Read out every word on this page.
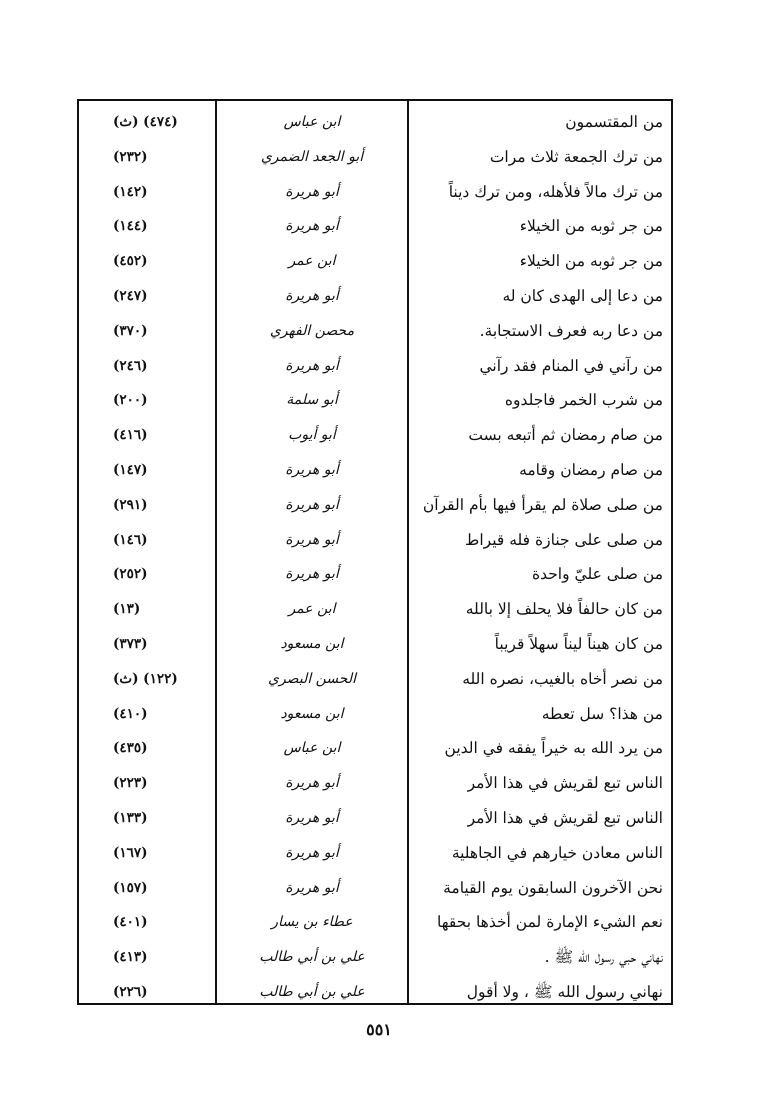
من المقتسمون
ابن عباس
(٤٧٤) (ث)
من ترك الجمعة ثلاث مرات
أبو الجعد الضمري
(٢٣٢)
من ترك مالاً فلأهله، ومن ترك ديناً
أبو هريرة
(١٤٢)
من جر ثوبه من الخيلاء
أبو هريرة
(١٤٤)
من جر ثوبه من الخيلاء
ابن عمر
(٤٥٢)
من دعا إلى الهدى كان له
أبو هريرة
(٢٤٧)
من دعا ربه فعرف الاستجابة.
محصن الفهري
(٣٧٠)
من رآني في المنام فقد رآني
أبو هريرة
(٢٤٦)
من شرب الخمر فاجلدوه
أبو سلمة
(٢٠٠)
من صام رمضان ثم أتبعه بست
أبو أيوب
(٤١٦)
من صام رمضان وقامه
أبو هريرة
(١٤٧)
من صلى صلاة لم يقرأ فيها بأم القرآن
أبو هريرة
(٢٩١)
من صلى على جنازة فله قيراط
أبو هريرة
(١٤٦)
من صلى عليّ واحدة
أبو هريرة
(٢٥٢)
من كان حالفاً فلا يحلف إلا بالله
ابن عمر
(١٣)
من كان هيناً ليناً سهلاً قريباً
ابن مسعود
(٣٧٣)
من نصر أخاه بالغيب، نصره الله
الحسن البصري
(١٢٢) (ث)
من هذا؟ سل تعطه
ابن مسعود
(٤١٠)
من يرد الله به خيراً يفقه في الدين
ابن عباس
(٤٣٥)
الناس تبع لقريش في هذا الأمر
أبو هريرة
(٢٢٣)
الناس تبع لقريش في هذا الأمر
أبو هريرة
(١٣٣)
الناس معادن خيارهم في الجاهلية
أبو هريرة
(١٦٧)
نحن الآخرون السابقون يوم القيامة
أبو هريرة
(١٥٧)
نعم الشيء الإمارة لمن أخذها بحقها
عطاء بن يسار
(٤٠١)
نهاني حبي رسول الله ﷺ .
علي بن أبي طالب
(٤١٣)
نهاني رسول الله ﷺ ، ولا أقول
علي بن أبي طالب
(٢٢٦)
٥٥١
